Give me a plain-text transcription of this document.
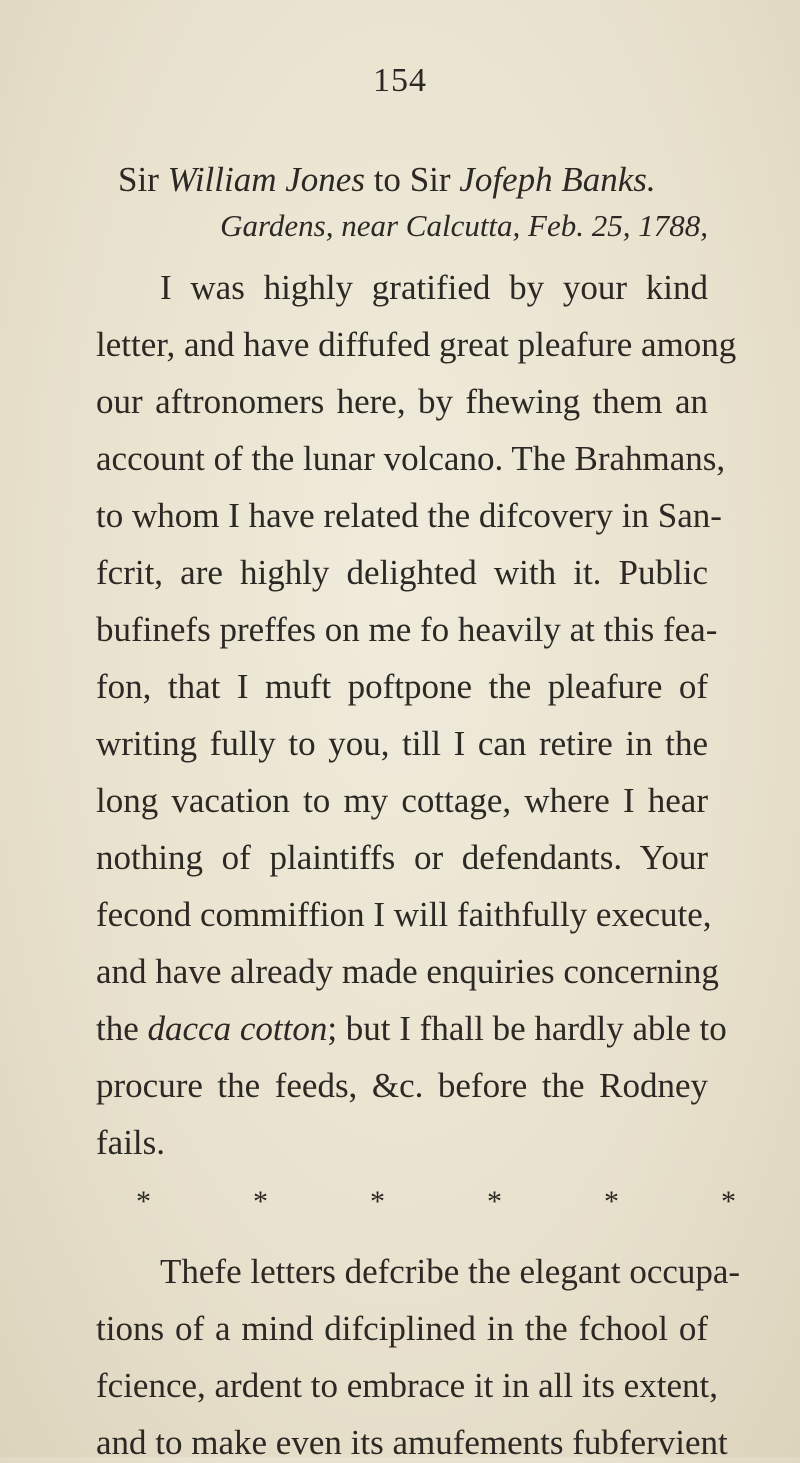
154
Sir William Jones to Sir Jofeph Banks.
Gardens, near Calcutta, Feb. 25, 1788,
I was highly gratified by your kind
letter, and have diffufed great pleafure among
our aftronomers here, by fhewing them an
account of the lunar volcano. The Brahmans,
to whom I have related the difcovery in San-
fcrit, are highly delighted with it. Public
bufinefs preffes on me fo heavily at this fea-
fon, that I muft poftpone the pleafure of
writing fully to you, till I can retire in the
long vacation to my cottage, where I hear
nothing of plaintiffs or defendants. Your
fecond commiffion I will faithfully execute,
and have already made enquiries concerning
the dacca cotton; but I fhall be hardly able to
procure the feeds, &c. before the Rodney
fails.
*	*	*	*	*	*
Thefe letters defcribe the elegant occupa-
tions of a mind difciplined in the fchool of
fcience, ardent to embrace it in all its extent,
and to make even its amufements fubfervient
